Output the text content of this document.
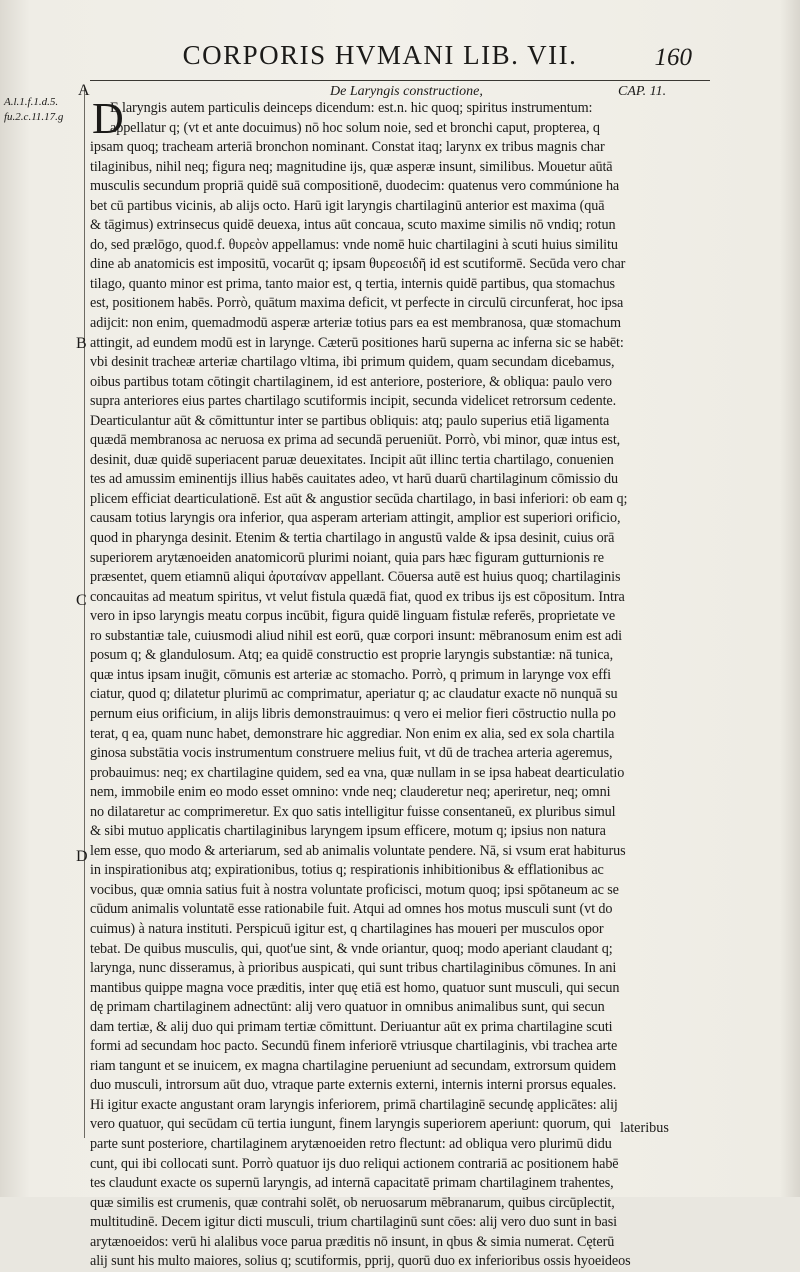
CORPORIS HVMANI LIB. VII.	160
A	De Laryngis constructione,	CAP. 11.
A.l.1.f.1.d.5.
fu.2.c.11.17.g
B
C
D
D
E laryngis autem particulis deinceps dicendum: est.n. hic quoq; spiritus instrumentum:
appellatur q; (vt et ante docuimus) nō hoc solum noie, sed et bronchi caput, propterea, q
ipsam quoq; tracheam arteriā bronchon nominant. Constat itaq; larynx ex tribus magnis char
tilaginibus, nihil neq; figura neq; magnitudine ijs, quæ asperæ insunt, similibus. Mouetur aūtā
musculis secundum propriā quidē suā compositionē, duodecim: quatenus vero commúnione ha
bet cū partibus vicinis, ab alijs octo. Harū igit laryngis chartilaginū anterior est maxima (quā
& tāgimus) extrinsecus quidē deuexa, intus aūt concaua, scuto maxime similis nō vndiq; rotun
do, sed prælōgo, quod.f. θυρεὸν appellamus: vnde nomē huic chartilagini à scuti huius similitu
dine ab anatomicis est impositū, vocarūt q; ipsam θυρεοειδῆ id est scutiformē. Secūda vero char
tilago, quanto minor est prima, tanto maior est, q tertia, internis quidē partibus, qua stomachus
est, positionem habēs. Porrò, quātum maxima deficit, vt perfecte in circulū circunferat, hoc ipsa
adijcit: non enim, quemadmodū asperæ arteriæ totius pars ea est membranosa, quæ stomachum
attingit, ad eundem modū est in larynge. Cæterū positiones harū superna ac inferna sic se habēt:
vbi desinit tracheæ arteriæ chartilago vltima, ibi primum quidem, quam secundam dicebamus,
oibus partibus totam cōtingit chartilaginem, id est anteriore, posteriore, & obliqua: paulo vero
supra anteriores eius partes chartilago scutiformis incipit, secunda videlicet retrorsum cedente.
Dearticulantur aūt & cōmittuntur inter se partibus obliquis: atq; paulo superius etiā ligamenta
quædā membranosa ac neruosa ex prima ad secundā perueniūt. Porrò, vbi minor, quæ intus est,
desinit, duæ quidē superiacent paruæ deuexitates. Incipit aūt illinc tertia chartilago, conuenien
tes ad amussim eminentijs illius habēs cauitates adeo, vt harū duarū chartilaginum cōmissio du
plicem efficiat dearticulationē. Est aūt & angustior secūda chartilago, in basi inferiori: ob eam q;
causam totius laryngis ora inferior, qua asperam arteriam attingit, amplior est superiori orificio,
quod in pharynga desinit. Etenim & tertia chartilago in angustū valde & ipsa desinit, cuius orā
superiorem arytænoeiden anatomicorū plurimi noiant, quia pars hæc figuram gutturnionis re
præsentet, quem etiamnū aliqui ἀρυταίναν appellant. Cōuersa autē est huius quoq; chartilaginis
concauitas ad meatum spiritus, vt velut fistula quædā fiat, quod ex tribus ijs est cōpositum. Intra
vero in ipso laryngis meatu corpus incūbit, figura quidē linguam fistulæ referēs, proprietate ve
ro substantiæ tale, cuiusmodi aliud nihil est eorū, quæ corpori insunt: mēbranosum enim est adi
posum q; & glandulosum. Atq; ea quidē constructio est proprie laryngis substantiæ: nā tunica,
quæ intus ipsam inuḡit, cōmunis est arteriæ ac stomacho. Porrò, q primum in larynge vox effi
ciatur, quod q; dilatetur plurimū ac comprimatur, aperiatur q; ac claudatur exacte nō nunquā su
pernum eius orificium, in alijs libris demonstrauimus: q vero ei melior fieri cōstructio nulla po
terat, q ea, quam nunc habet, demonstrare hic aggrediar. Non enim ex alia, sed ex sola chartila
ginosa substātia vocis instrumentum construere melius fuit, vt dū de trachea arteria ageremus,
probauimus: neq; ex chartilagine quidem, sed ea vna, quæ nullam in se ipsa habeat dearticulatio
nem, immobile enim eo modo esset omnino: vnde neq; clauderetur neq; aperiretur, neq; omni
no dilataretur ac comprimeretur. Ex quo satis intelligitur fuisse consentaneū, ex pluribus simul
& sibi mutuo applicatis chartilaginibus laryngem ipsum efficere, motum q; ipsius non natura
lem esse, quo modo & arteriarum, sed ab animalis voluntate pendere. Nā, si vsum erat habiturus
in inspirationibus atq; expirationibus, totius q; respirationis inhibitionibus & efflationibus ac
vocibus, quæ omnia satius fuit à nostra voluntate proficisci, motum quoq; ipsi spōtaneum ac se
cūdum animalis voluntatē esse rationabile fuit. Atqui ad omnes hos motus musculi sunt (vt do
cuimus) à natura instituti. Perspicuū igitur est, q chartilagines has moueri per musculos opor
tebat. De quibus musculis, qui, quot'ue sint, & vnde oriantur, quoq; modo aperiant claudant q;
larynga, nunc disseramus, à prioribus auspicati, qui sunt tribus chartilaginibus cōmunes. In ani
mantibus quippe magna voce præditis, inter quę etiā est homo, quatuor sunt musculi, qui secun
dę primam chartilaginem adnectūnt: alij vero quatuor in omnibus animalibus sunt, qui secun
dam tertiæ, & alij duo qui primam tertiæ cōmittunt. Deriuantur aūt ex prima chartilagine scuti
formi ad secundam hoc pacto. Secundū finem inferiorē vtriusque chartilaginis, vbi trachea arte
riam tangunt et se inuicem, ex magna chartilagine perueniunt ad secundam, extrorsum quidem
duo musculi, introrsum aūt duo, vtraque parte externis externi, internis interni prorsus equales.
Hi igitur exacte angustant oram laryngis inferiorem, primā chartilaginē secundę applicātes: alij
vero quatuor, qui secūdam cū tertia iungunt, finem laryngis superiorem aperiunt: quorum, qui
parte sunt posteriore, chartilaginem arytænoeiden retro flectunt: ad obliqua vero plurimū didu
cunt, qui ibi collocati sunt. Porrò quatuor ijs duo reliqui actionem contrariā ac positionem habē
tes claudunt exacte os supernū laryngis, ad internā capacitatē primam chartilaginem trahentes,
quæ similis est crumenis, quæ contrahi solēt, ob neruosarum mēbranarum, quibus circūplectit,
multitudinē. Decem igitur dicti musculi, trium chartilaginū sunt cōes: alij vero duo sunt in basi
arytænoeidos: verū hi alalibus voce parua præditis nō insunt, in qbus & simia numerat. Cęterū
alij sunt his multo maiores, solius q; scutiformis, pprij, quorū duo ex inferioribus ossis hyoeideos
lateribus
